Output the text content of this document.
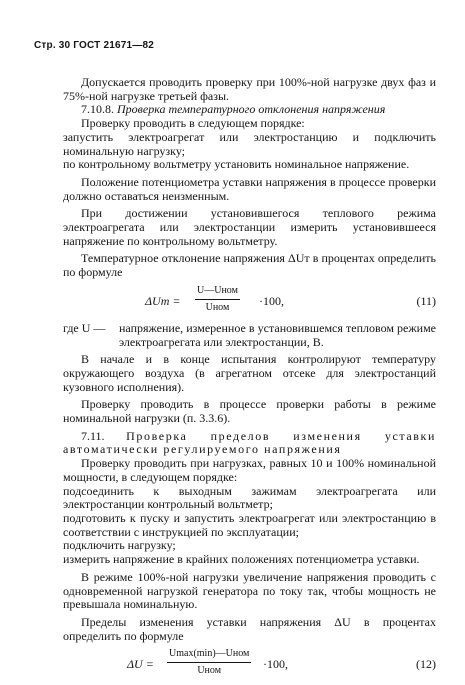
Стр. 30 ГОСТ 21671—82

Допускается проводить проверку при 100%-ной нагрузке двух фаз и 75%-ной нагрузке третьей фазы.

7.10.8. Проверка температурного отклонения напряжения

Проверку проводить в следующем порядке:

запустить электроагрегат или электростанцию и подключить номинальную нагрузку;

по контрольному вольтметру установить номинальное напряжение.

Положение потенциометра уставки напряжения в процессе проверки должно оставаться неизменным.

При достижении установившегося теплового режима электроагрегата или электростанции измерить установившееся напряжение по контрольному вольтметру.

Температурное отклонение напряжения ΔUт в процентах определить по формуле

ΔUт =
U—Uном
Uном	·100,	(11)
где U —	напряжение, измеренное в установившемся тепловом режиме электроагрегата или электростанции, В.

В начале и в конце испытания контролируют температуру окружающего воздуха (в агрегатном отсеке для электростанций кузовного исполнения).

Проверку проводить в процессе проверки работы в режиме номинальной нагрузки (п. 3.3.6).

7.11. Проверка пределов изменения уставки автоматически регулируемого напряжения

Проверку проводить при нагрузках, равных 10 и 100% номинальной мощности, в следующем порядке:

подсоединить к выходным зажимам электроагрегата или электростанции контрольный вольтметр;

подготовить к пуску и запустить электроагрегат или электростанцию в соответствии с инструкцией по эксплуатации;

подключить нагрузку;

измерить напряжение в крайних положениях потенциометра уставки.

В режиме 100%-ной нагрузки увеличение напряжения проводить с одновременной нагрузкой генератора по току так, чтобы мощность не превышала номинальную.

Пределы изменения уставки напряжения ΔU в процентах определить по формуле

ΔU =
Umax(min)—Uном
Uном	·100,	(12)
